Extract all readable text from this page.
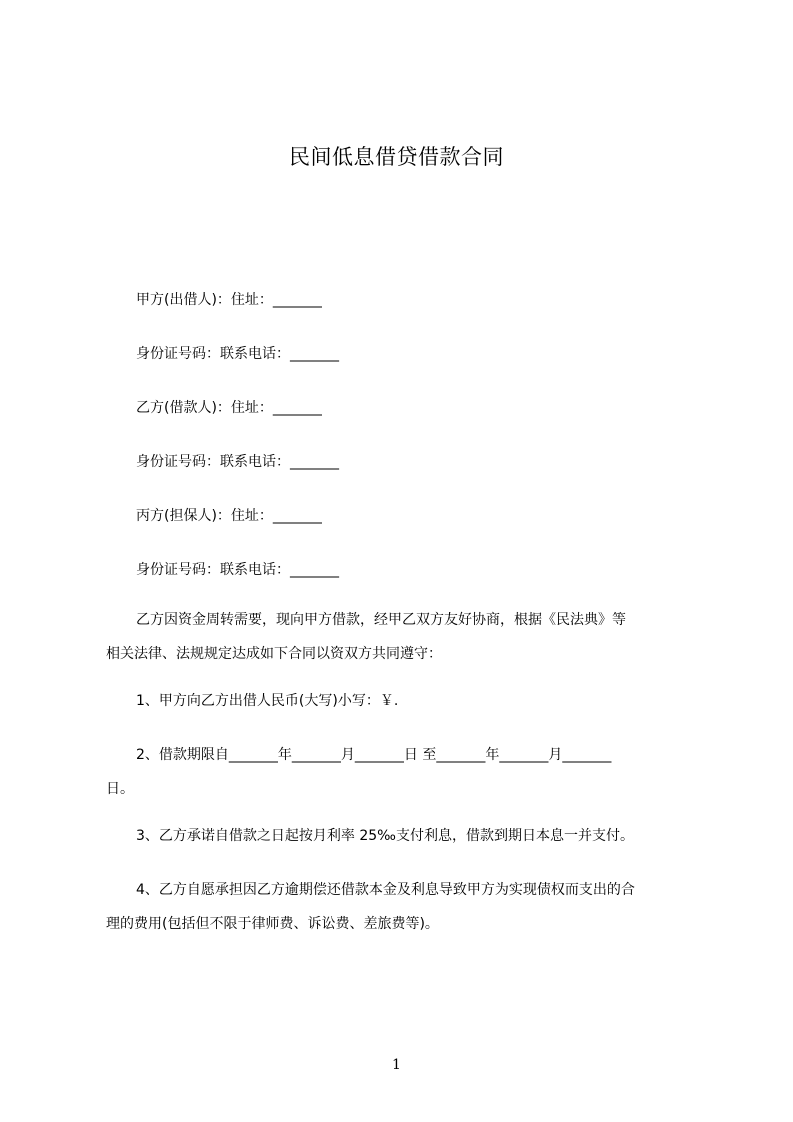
民间低息借贷借款合同
甲方(出借人)：住址：_______
身份证号码：联系电话：_______
乙方(借款人)：住址：_______
身份证号码：联系电话：_______
丙方(担保人)：住址：_______
身份证号码：联系电话：_______
乙方因资金周转需要，现向甲方借款，经甲乙双方友好协商，根据《民法典》等
相关法律、法规规定达成如下合同以资双方共同遵守：
1、甲方向乙方出借人民币(大写)小写：￥.
2、借款期限自_______年_______月_______日 至_______年_______月_______
日。
3、乙方承诺自借款之日起按月利率 25‰支付利息，借款到期日本息一并支付。
4、乙方自愿承担因乙方逾期偿还借款本金及利息导致甲方为实现债权而支出的合
理的费用(包括但不限于律师费、诉讼费、差旅费等)。
1
